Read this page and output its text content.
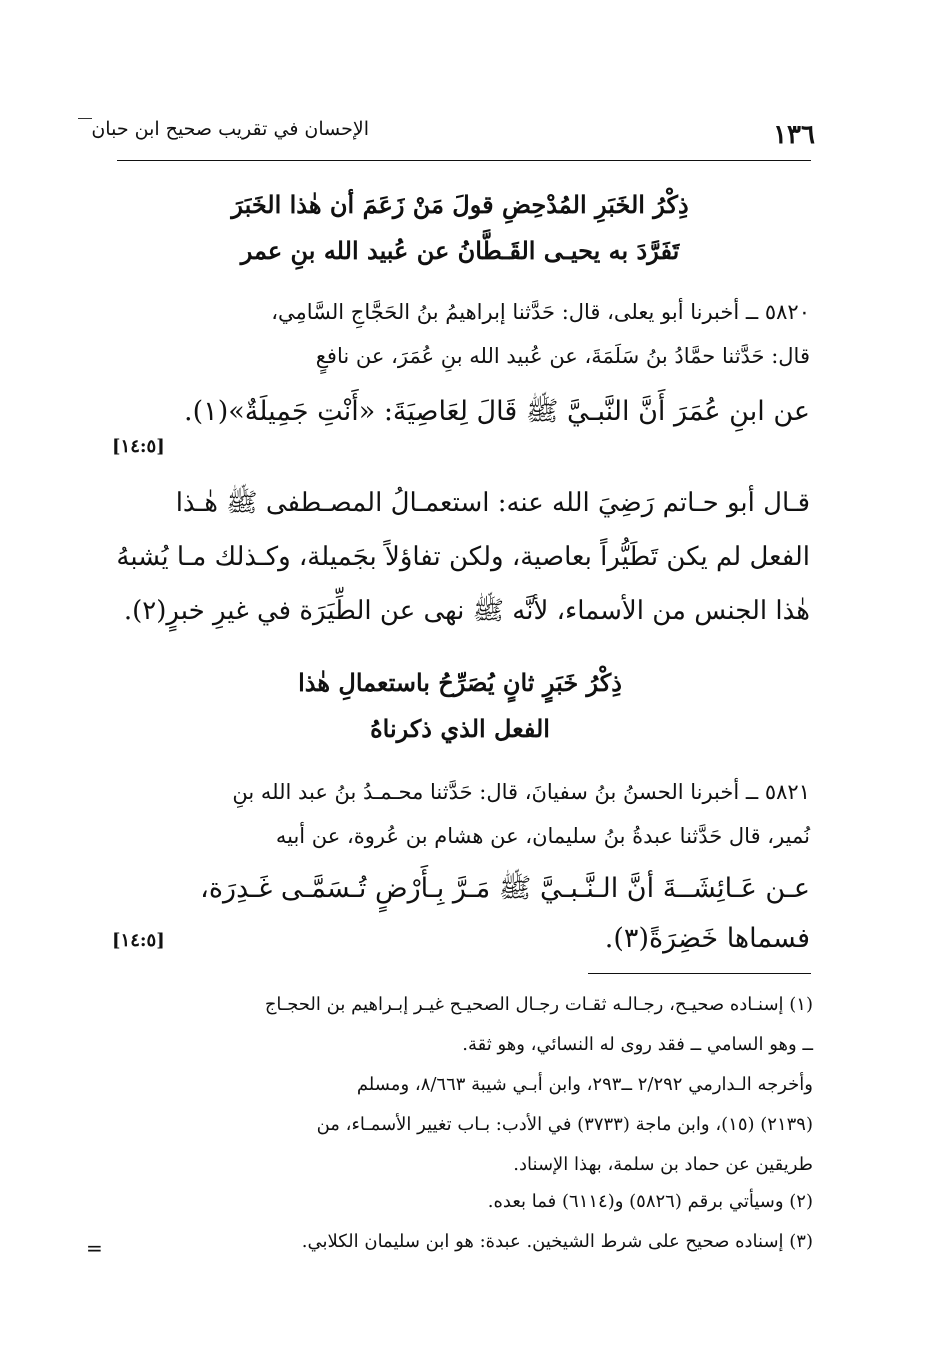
الإحسان في تقريب صحيح ابن حبان	١٣٦
ذِكْرُ الخَبَرِ المُدْحِضِ قولَ مَنْ زَعَمَ أن هٰذا الخَبَرَ
تَفَرَّدَ به يحيـى القَـطَّانُ عن عُبيد الله بنِ عمر
٥٨٢٠ ــ أخبرنا أبو يعلى، قال: حَدَّثنا إبراهيمُ بنُ الحَجَّاجِ السَّامِي،
قال: حَدَّثنا حمَّادُ بنُ سَلَمَةَ، عن عُبيد الله بنِ عُمَرَ، عن نافعٍ
عن ابنِ عُمَرَ أَنَّ النَّبـيَّ ﷺ قَالَ لِعَاصِيَةَ: «أَنْتِ جَمِيلَةٌ»(١).
[١٤:٥]
قـال أبو حـاتم رَضِيَ الله عنه: استعمـالُ المصـطفى ﷺ هٰـذا
الفعل لم يكن تَطَيُّراً بعاصية، ولكن تفاؤلاً بجَميلة، وكـذلك مـا يُشبهُ
هٰذا الجنس من الأسماء، لأنَّه ﷺ نهى عن الطِّيَرَة في غيرِ خبرٍ(٢).
ذِكْرُ خَبَرٍ ثانٍ يُصَرِّحُ باستعمالِ هٰذا
الفعل الذي ذكرناهُ
٥٨٢١ ــ أخبرنا الحسنُ بنُ سفيانَ، قال: حَدَّثنا محـمـدُ بنُ عبد الله بنِ
نُمير، قال حَدَّثنا عبدةُ بنُ سليمان، عن هشام بن عُروة، عن أبيه
عـن عَـائِشَــةَ أنَّ الـنَّـبـيَّ ﷺ مَـرَّ بِـأَرْضٍ تُـسَمَّـى غَـدِرَة،
فسماها خَضِرَةً(٣).
[١٤:٥]
(١) إسنـاده صحيـح، رجـالـه ثقـات رجـال الصحيـح غيـر إبـراهيم بن الحجـاج
ــ وهو السامي ــ فقد روى له النسائي، وهو ثقة.
وأخرجه الـدارمي ٢/٢٩٢ ــ٢٩٣، وابن أبـي شيبة ٨/٦٦٣، ومسلم
(٢١٣٩) (١٥)، وابن ماجة (٣٧٣٣) في الأدب: بـاب تغيير الأسمـاء، من
طريقين عن حماد بن سلمة، بهذا الإسناد.
(٢) وسيأتي برقم (٥٨٢٦) و(٦١١٤) فما بعده.
(٣) إسناده صحيح على شرط الشيخين. عبدة: هو ابن سليمان الكلابي.
=
